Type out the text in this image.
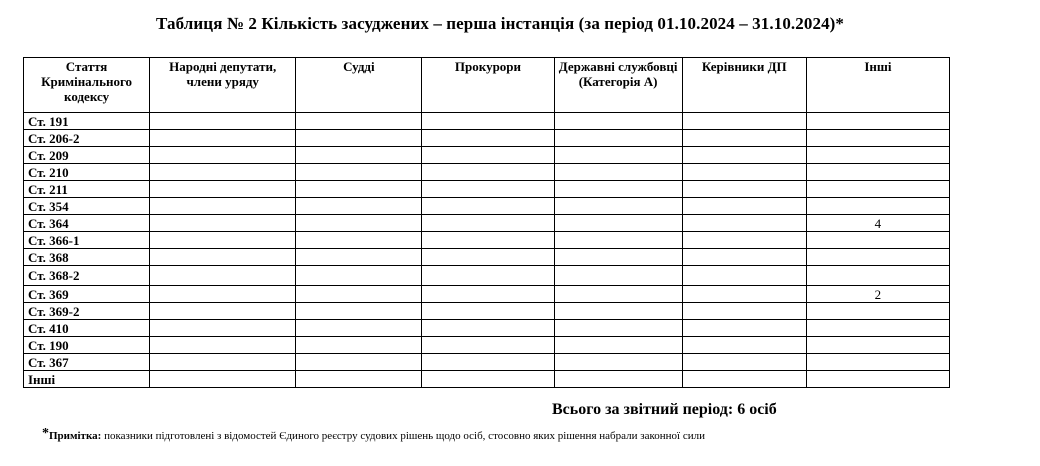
Таблиця № 2 Кількість засуджених – перша інстанція (за період 01.10.2024 – 31.10.2024)*
Стаття Кримінального кодексу	Народні депутати, члени уряду	Судді	Прокурори	Державні службовці (Категорія А)	Керівники ДП	Інші
Ст. 191						
Ст. 206-2						
Ст. 209						
Ст. 210						
Ст. 211						
Ст. 354						
Ст. 364						4
Ст. 366-1						
Ст. 368						
Ст. 368-2						
Ст. 369						2
Ст. 369-2						
Ст. 410						
Ст. 190						
Ст. 367						
Інші						
Всього за звітний період: 6 осіб
*Примітка: показники підготовлені з відомостей Єдиного реєстру судових рішень щодо осіб, стосовно яких рішення набрали законної сили
